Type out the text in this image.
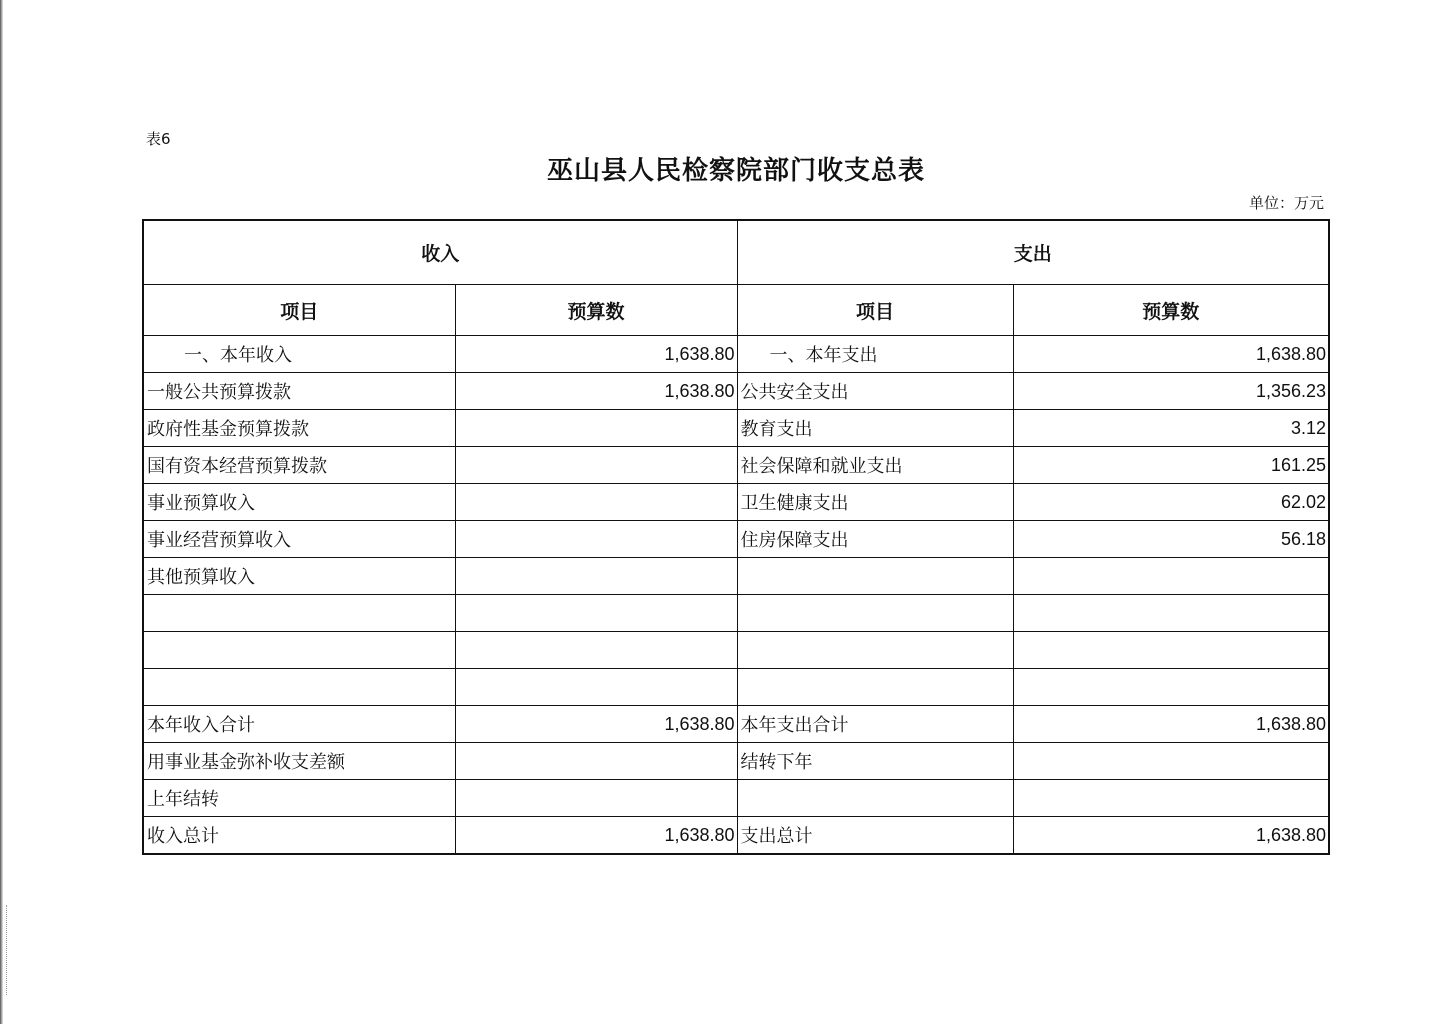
表6
巫山县人民检察院部门收支总表
单位：万元
收入		支出	
项目	预算数	项目	预算数
一、本年收入	1,638.80	一、本年支出	1,638.80
一般公共预算拨款	1,638.80	公共安全支出	1,356.23
政府性基金预算拨款		教育支出	3.12
国有资本经营预算拨款		社会保障和就业支出	161.25
事业预算收入		卫生健康支出	62.02
事业经营预算收入		住房保障支出	56.18
其他预算收入			

本年收入合计	1,638.80	本年支出合计	1,638.80
用事业基金弥补收支差额		结转下年	
上年结转			
收入总计	1,638.80	支出总计	1,638.80
